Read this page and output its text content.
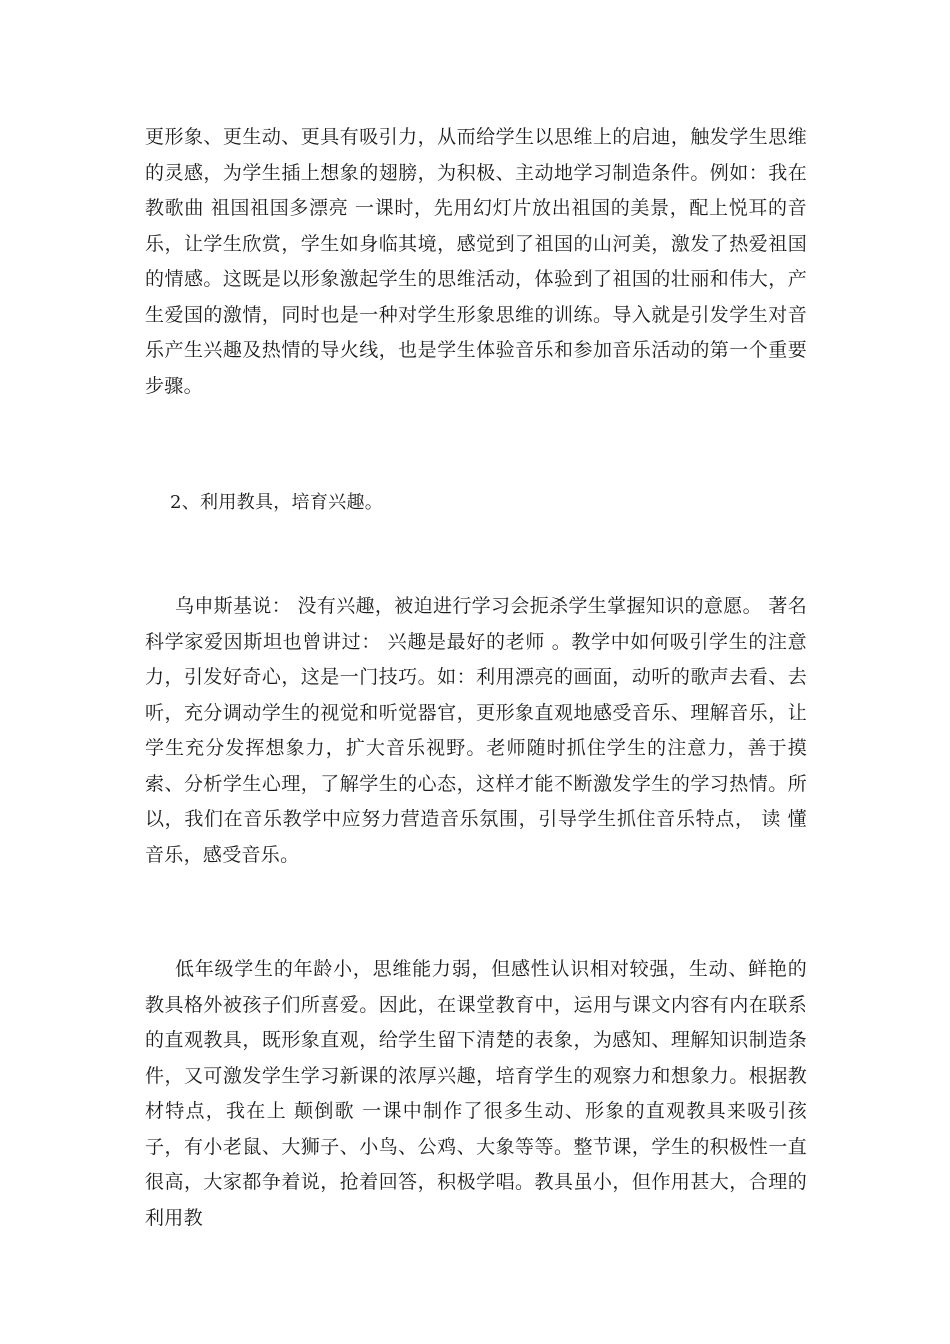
更形象、更生动、更具有吸引力，从而给学生以思维上的启迪，触发学生思维的灵感，为学生插上想象的翅膀，为积极、主动地学习制造条件。例如：我在教歌曲 祖国祖国多漂亮 一课时，先用幻灯片放出祖国的美景，配上悦耳的音乐，让学生欣赏，学生如身临其境，感觉到了祖国的山河美，激发了热爱祖国的情感。这既是以形象激起学生的思维活动，体验到了祖国的壮丽和伟大，产生爱国的激情，同时也是一种对学生形象思维的训练。导入就是引发学生对音乐产生兴趣及热情的导火线，也是学生体验音乐和参加音乐活动的第一个重要步骤。

2、利用教具，培育兴趣。

乌申斯基说： 没有兴趣，被迫进行学习会扼杀学生掌握知识的意愿。 著名科学家爱因斯坦也曾讲过： 兴趣是最好的老师 。教学中如何吸引学生的注意力，引发好奇心，这是一门技巧。如：利用漂亮的画面，动听的歌声去看、去听，充分调动学生的视觉和听觉器官，更形象直观地感受音乐、理解音乐，让学生充分发挥想象力，扩大音乐视野。老师随时抓住学生的注意力，善于摸索、分析学生心理，了解学生的心态，这样才能不断激发学生的学习热情。所以，我们在音乐教学中应努力营造音乐氛围，引导学生抓住音乐特点， 读 懂音乐，感受音乐。

低年级学生的年龄小，思维能力弱，但感性认识相对较强，生动、鲜艳的教具格外被孩子们所喜爱。因此，在课堂教育中，运用与课文内容有内在联系的直观教具，既形象直观，给学生留下清楚的表象，为感知、理解知识制造条件，又可激发学生学习新课的浓厚兴趣，培育学生的观察力和想象力。根据教材特点，我在上 颠倒歌 一课中制作了很多生动、形象的直观教具来吸引孩子，有小老鼠、大狮子、小鸟、公鸡、大象等等。整节课，学生的积极性一直很高，大家都争着说，抢着回答，积极学唱。教具虽小，但作用甚大，合理的利用教
